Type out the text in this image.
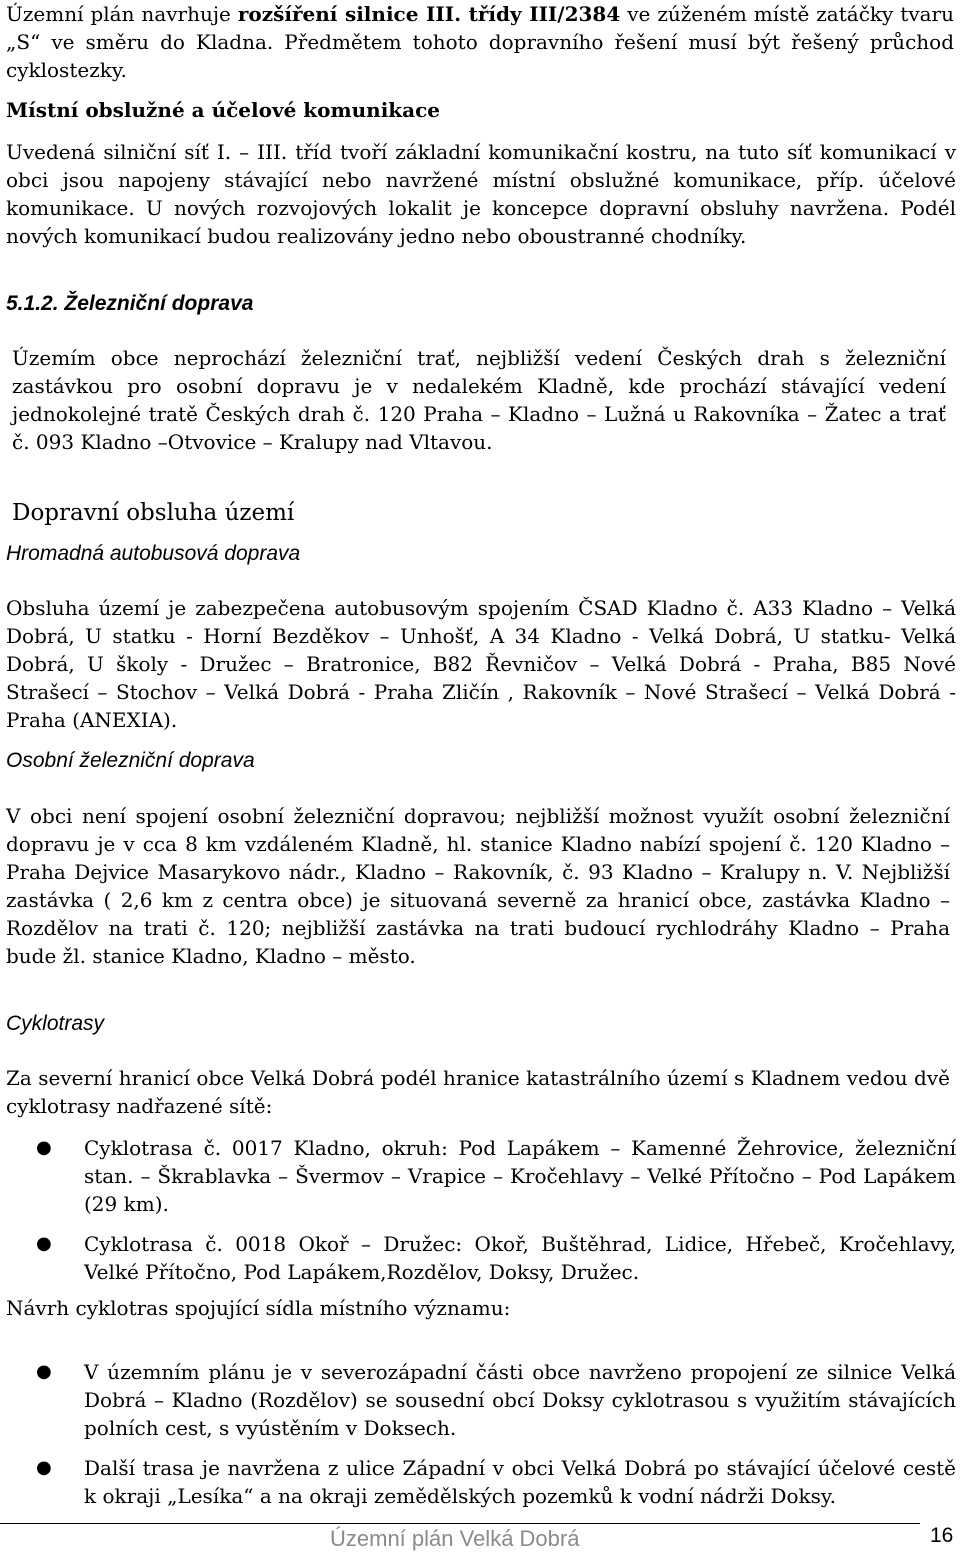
Územní plán navrhuje rozšíření silnice III. třídy III/2384 ve zúženém místě zatáčky tvaru „S“ ve směru do Kladna. Předmětem tohoto dopravního řešení musí být řešený průchod cyklostezky.

Místní obslužné a účelové komunikace

Uvedená silniční síť I. – III. tříd tvoří základní komunikační kostru, na tuto síť komunikací v obci jsou napojeny stávající nebo navržené místní obslužné komunikace, příp. účelové komunikace. U nových rozvojových lokalit je koncepce dopravní obsluhy navržena. Podél nových komunikací budou realizovány jedno nebo oboustranné chodníky.

5.1.2. Železniční doprava

Územím obce neprochází železniční trať, nejbližší vedení Českých drah s železniční zastávkou pro osobní dopravu je v nedalekém Kladně, kde prochází stávající vedení jednokolejné tratě Českých drah č. 120 Praha – Kladno – Lužná u Rakovníka – Žatec a trať č. 093 Kladno –Otvovice – Kralupy nad Vltavou.

Dopravní obsluha území
Hromadná autobusová doprava

Obsluha území je zabezpečena autobusovým spojením ČSAD Kladno č. A33 Kladno – Velká Dobrá, U statku - Horní Bezděkov – Unhošť, A 34 Kladno - Velká Dobrá, U statku- Velká Dobrá, U školy - Družec – Bratronice, B82 Řevničov – Velká Dobrá - Praha, B85 Nové Strašecí – Stochov – Velká Dobrá - Praha Zličín , Rakovník – Nové Strašecí – Velká Dobrá - Praha (ANEXIA).

Osobní železniční doprava

V obci není spojení osobní železniční dopravou; nejbližší možnost využít osobní železniční dopravu je v cca 8 km vzdáleném Kladně, hl. stanice Kladno nabízí spojení č. 120 Kladno – Praha Dejvice Masarykovo nádr., Kladno – Rakovník, č. 93 Kladno – Kralupy n. V. Nejbližší zastávka ( 2,6 km z centra obce) je situovaná severně za hranicí obce, zastávka Kladno – Rozdělov na trati č. 120; nejbližší zastávka na trati budoucí rychlodráhy Kladno – Praha bude žl. stanice Kladno, Kladno – město.

Cyklotrasy

Za severní hranicí obce Velká Dobrá podél hranice katastrálního území s Kladnem vedou dvě cyklotrasy nadřazené sítě:

● Cyklotrasa č. 0017 Kladno, okruh: Pod Lapákem – Kamenné Žehrovice, železniční stan. – Škrablavka – Švermov – Vrapice – Kročehlavy – Velké Přítočno – Pod Lapákem (29 km).
● Cyklotrasa č. 0018 Okoř – Družec: Okoř, Buštěhrad, Lidice, Hřebeč, Kročehlavy, Velké Přítočno, Pod Lapákem,Rozdělov, Doksy, Družec.
Návrh cyklotras spojující sídla místního významu:
● V územním plánu je v severozápadní části obce navrženo propojení ze silnice Velká Dobrá – Kladno (Rozdělov) se sousední obcí Doksy cyklotrasou s využitím stávajících polních cest, s vyústěním v Doksech.
● Další trasa je navržena z ulice Západní v obci Velká Dobrá po stávající účelové cestě k okraji „Lesíka“ a na okraji zemědělských pozemků k vodní nádrži Doksy.
Územní plán Velká Dobrá	16
